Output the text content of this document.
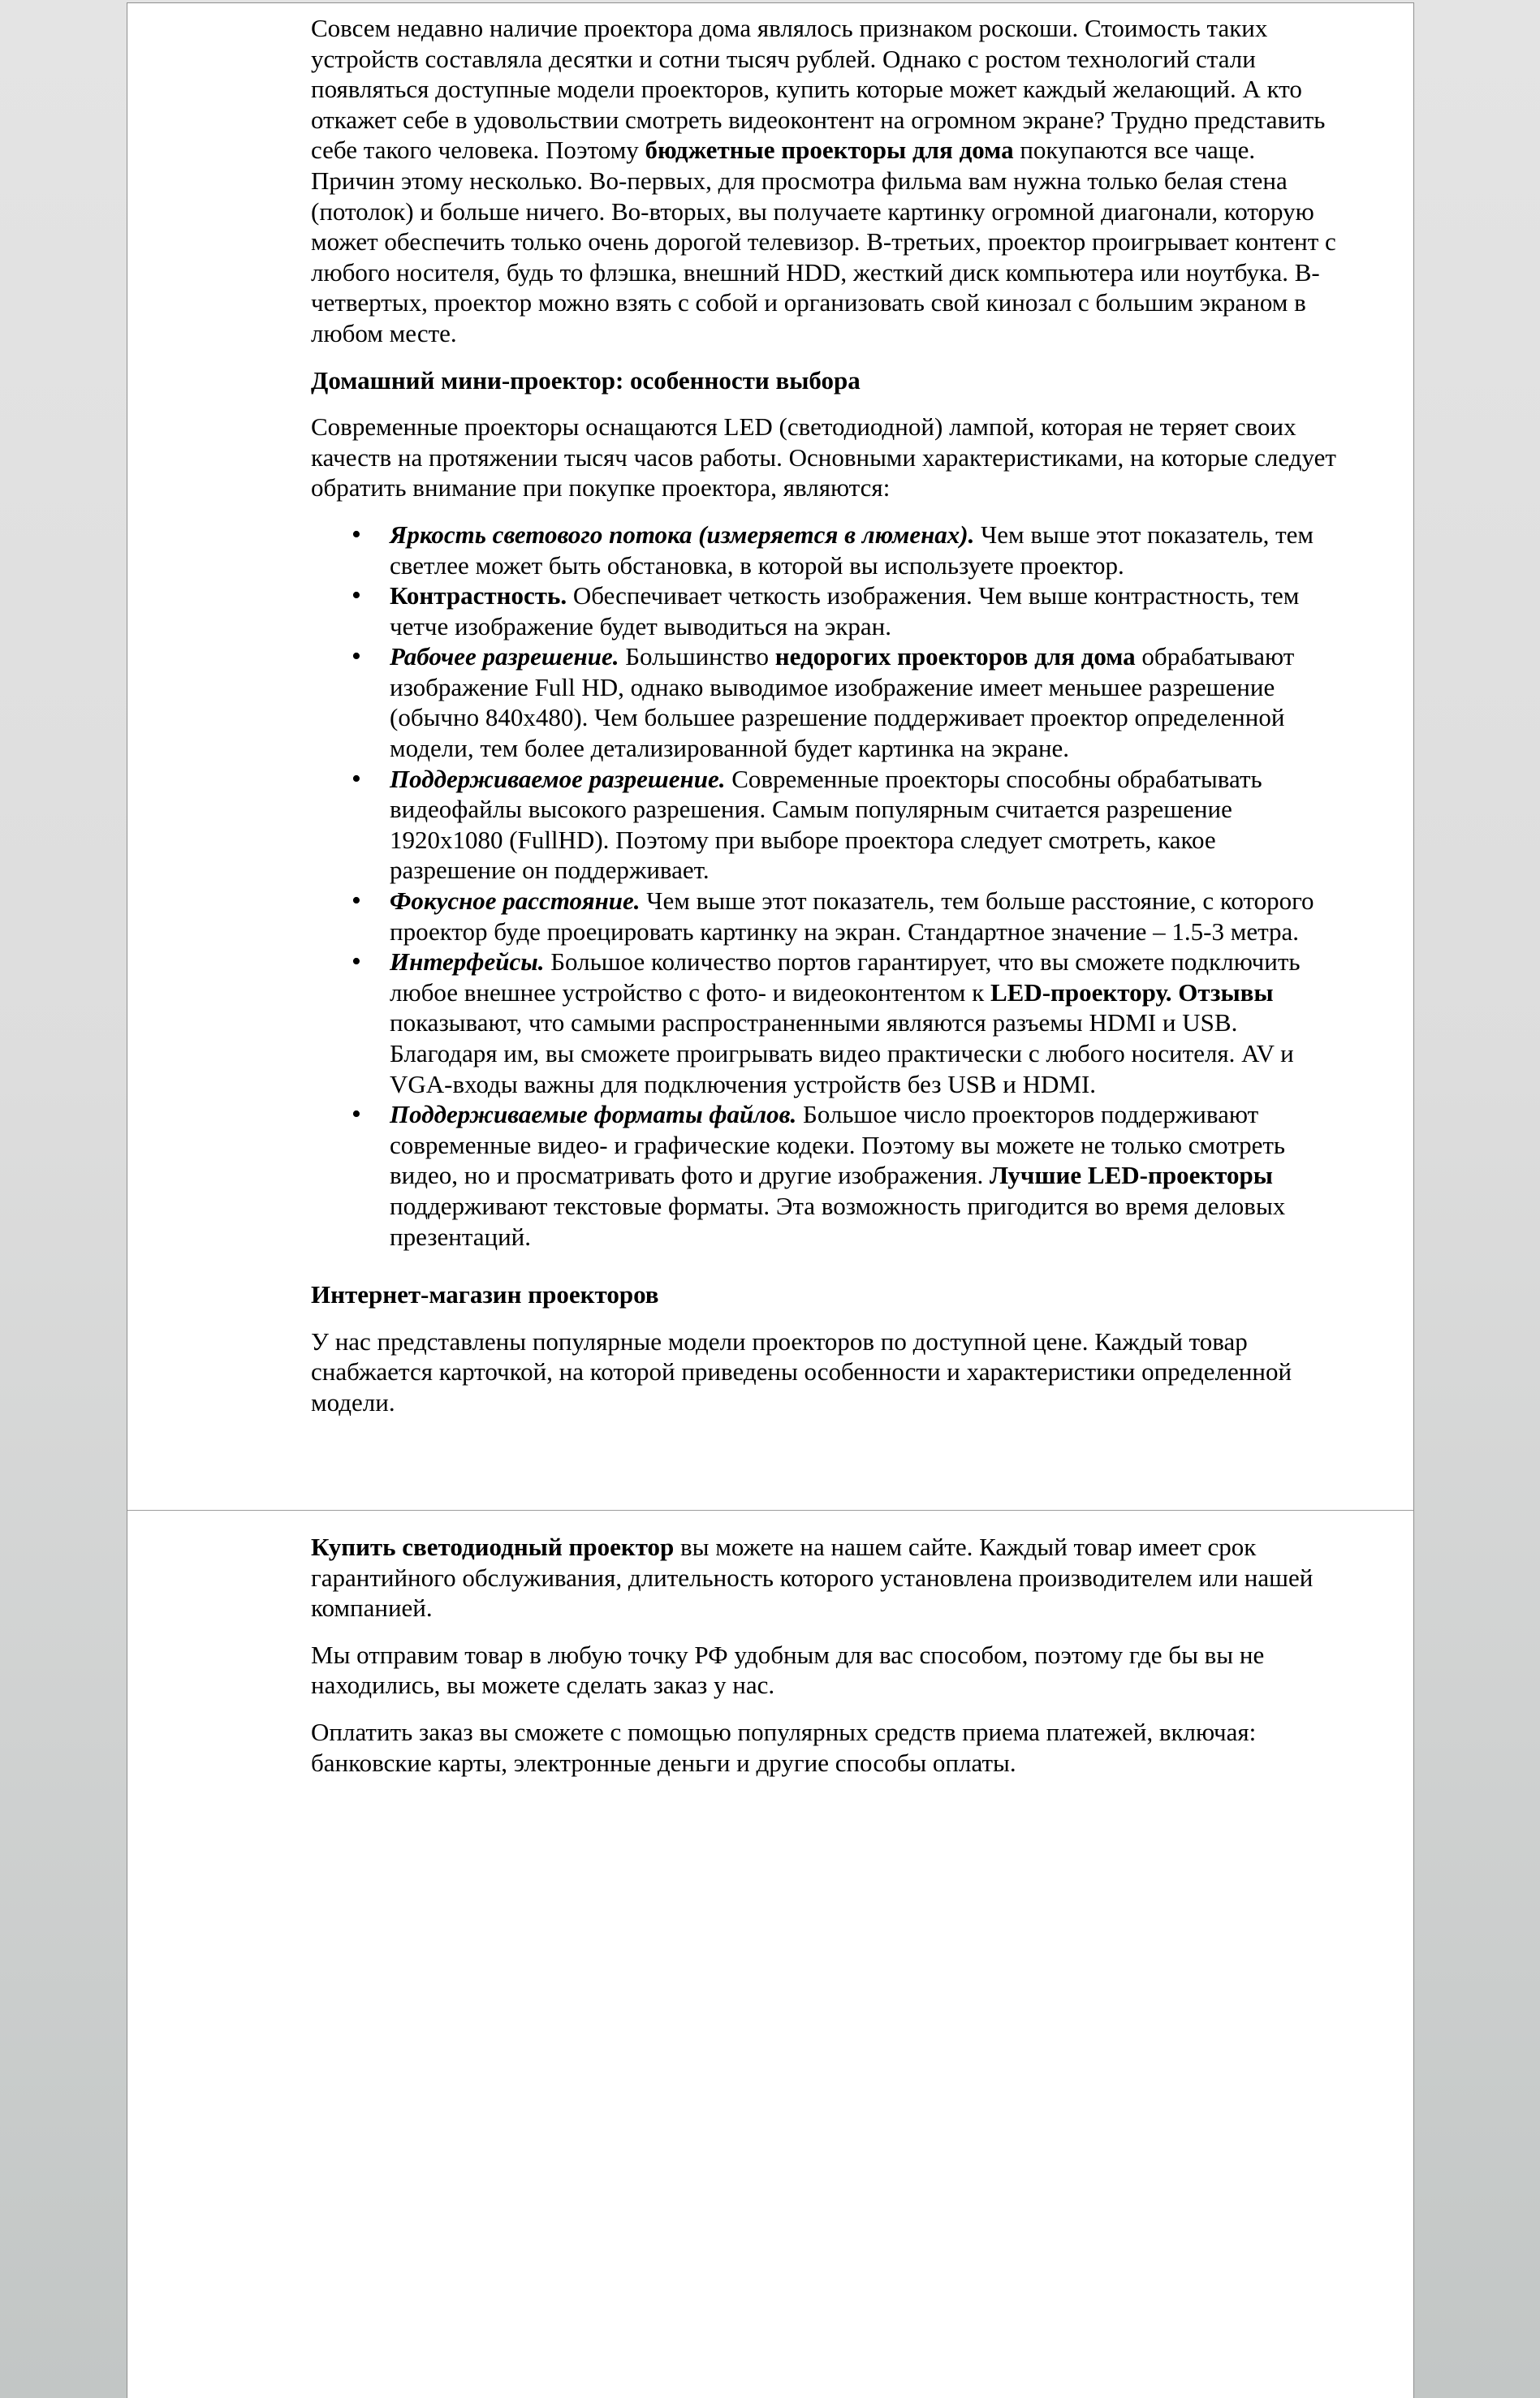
Совсем недавно наличие проектора дома являлось признаком роскоши. Стоимость таких устройств составляла десятки и сотни тысяч рублей. Однако с ростом технологий стали появляться доступные модели проекторов, купить которые может каждый желающий. А кто откажет себе в удовольствии смотреть видеоконтент на огромном экране? Трудно представить себе такого человека. Поэтому бюджетные проекторы для дома покупаются все чаще. Причин этому несколько. Во-первых, для просмотра фильма вам нужна только белая стена (потолок) и больше ничего. Во-вторых, вы получаете картинку огромной диагонали, которую может обеспечить только очень дорогой телевизор. В-третьих, проектор проигрывает контент с любого носителя, будь то флэшка, внешний HDD, жесткий диск компьютера или ноутбука. В-четвертых, проектор можно взять с собой и организовать свой кинозал с большим экраном в любом месте.

Домашний мини-проектор: особенности выбора

Современные проекторы оснащаются LED (светодиодной) лампой, которая не теряет своих качеств на протяжении тысяч часов работы. Основными характеристиками, на которые следует обратить внимание при покупке проектора, являются:

• Яркость светового потока (измеряется в люменах). Чем выше этот показатель, тем светлее может быть обстановка, в которой вы используете проектор.
• Контрастность. Обеспечивает четкость изображения. Чем выше контрастность, тем четче изображение будет выводиться на экран.
• Рабочее разрешение. Большинство недорогих проекторов для дома обрабатывают изображение Full HD, однако выводимое изображение имеет меньшее разрешение (обычно 840x480). Чем большее разрешение поддерживает проектор определенной модели, тем более детализированной будет картинка на экране.
• Поддерживаемое разрешение. Современные проекторы способны обрабатывать видеофайлы высокого разрешения. Самым популярным считается разрешение 1920x1080 (FullHD). Поэтому при выборе проектора следует смотреть, какое разрешение он поддерживает.
• Фокусное расстояние. Чем выше этот показатель, тем больше расстояние, с которого проектор буде проецировать картинку на экран. Стандартное значение – 1.5-3 метра.
• Интерфейсы. Большое количество портов гарантирует, что вы сможете подключить любое внешнее устройство с фото- и видеоконтентом к LED-проектору. Отзывы показывают, что самыми распространенными являются разъемы HDMI и USB. Благодаря им, вы сможете проигрывать видео практически с любого носителя. AV и VGA-входы важны для подключения устройств без USB и HDMI.
• Поддерживаемые форматы файлов. Большое число проекторов поддерживают современные видео- и графические кодеки. Поэтому вы можете не только смотреть видео, но и просматривать фото и другие изображения. Лучшие LED-проекторы поддерживают текстовые форматы. Эта возможность пригодится во время деловых презентаций.
Интернет-магазин проекторов

У нас представлены популярные модели проекторов по доступной цене. Каждый товар снабжается карточкой, на которой приведены особенности и характеристики определенной модели.

Купить светодиодный проектор вы можете на нашем сайте. Каждый товар имеет срок гарантийного обслуживания, длительность которого установлена производителем или нашей компанией.

Мы отправим товар в любую точку РФ удобным для вас способом, поэтому где бы вы не находились, вы можете сделать заказ у нас.

Оплатить заказ вы сможете с помощью популярных средств приема платежей, включая: банковские карты, электронные деньги и другие способы оплаты.
